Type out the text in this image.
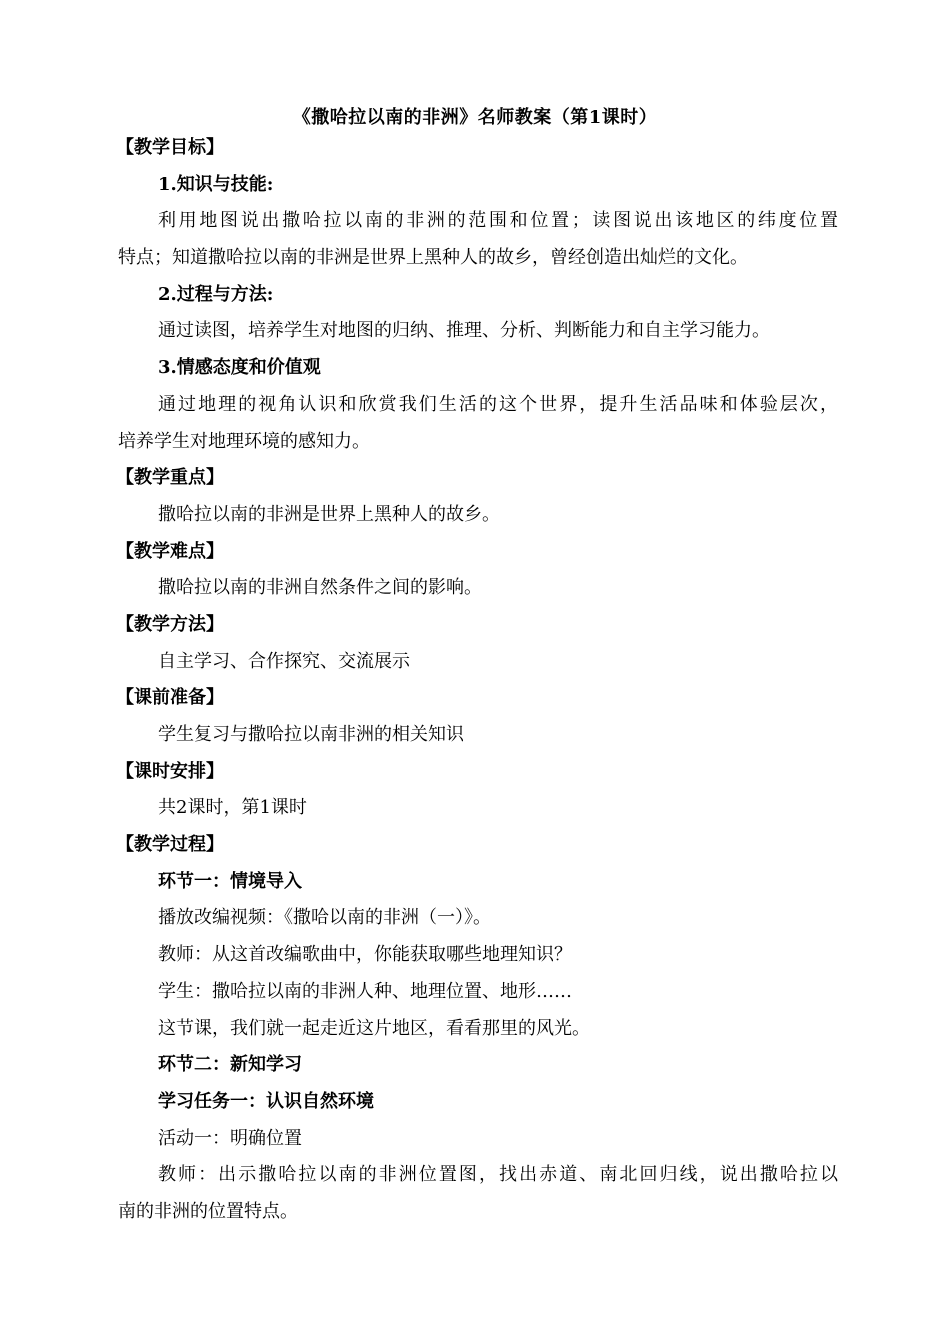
《撒哈拉以南的非洲》名师教案（第1课时）
【教学目标】
1.知识与技能:
利用地图说出撒哈拉以南的非洲的范围和位置；读图说出该地区的纬度位置
特点；知道撒哈拉以南的非洲是世界上黑种人的故乡，曾经创造出灿烂的文化。
2.过程与方法:
通过读图，培养学生对地图的归纳、推理、分析、判断能力和自主学习能力。
3.情感态度和价值观
通过地理的视角认识和欣赏我们生活的这个世界，提升生活品味和体验层次，
培养学生对地理环境的感知力。
【教学重点】
撒哈拉以南的非洲是世界上黑种人的故乡。
【教学难点】
撒哈拉以南的非洲自然条件之间的影响。
【教学方法】
自主学习、合作探究、交流展示
【课前准备】
学生复习与撒哈拉以南非洲的相关知识
【课时安排】
共2课时，第1课时
【教学过程】
环节一：情境导入
播放改编视频：《撒哈以南的非洲（一）》。
教师：从这首改编歌曲中，你能获取哪些地理知识？
学生：撒哈拉以南的非洲人种、地理位置、地形……
这节课，我们就一起走近这片地区，看看那里的风光。
环节二：新知学习
学习任务一：认识自然环境
活动一：明确位置
教师：出示撒哈拉以南的非洲位置图，找出赤道、南北回归线，说出撒哈拉以
南的非洲的位置特点。
